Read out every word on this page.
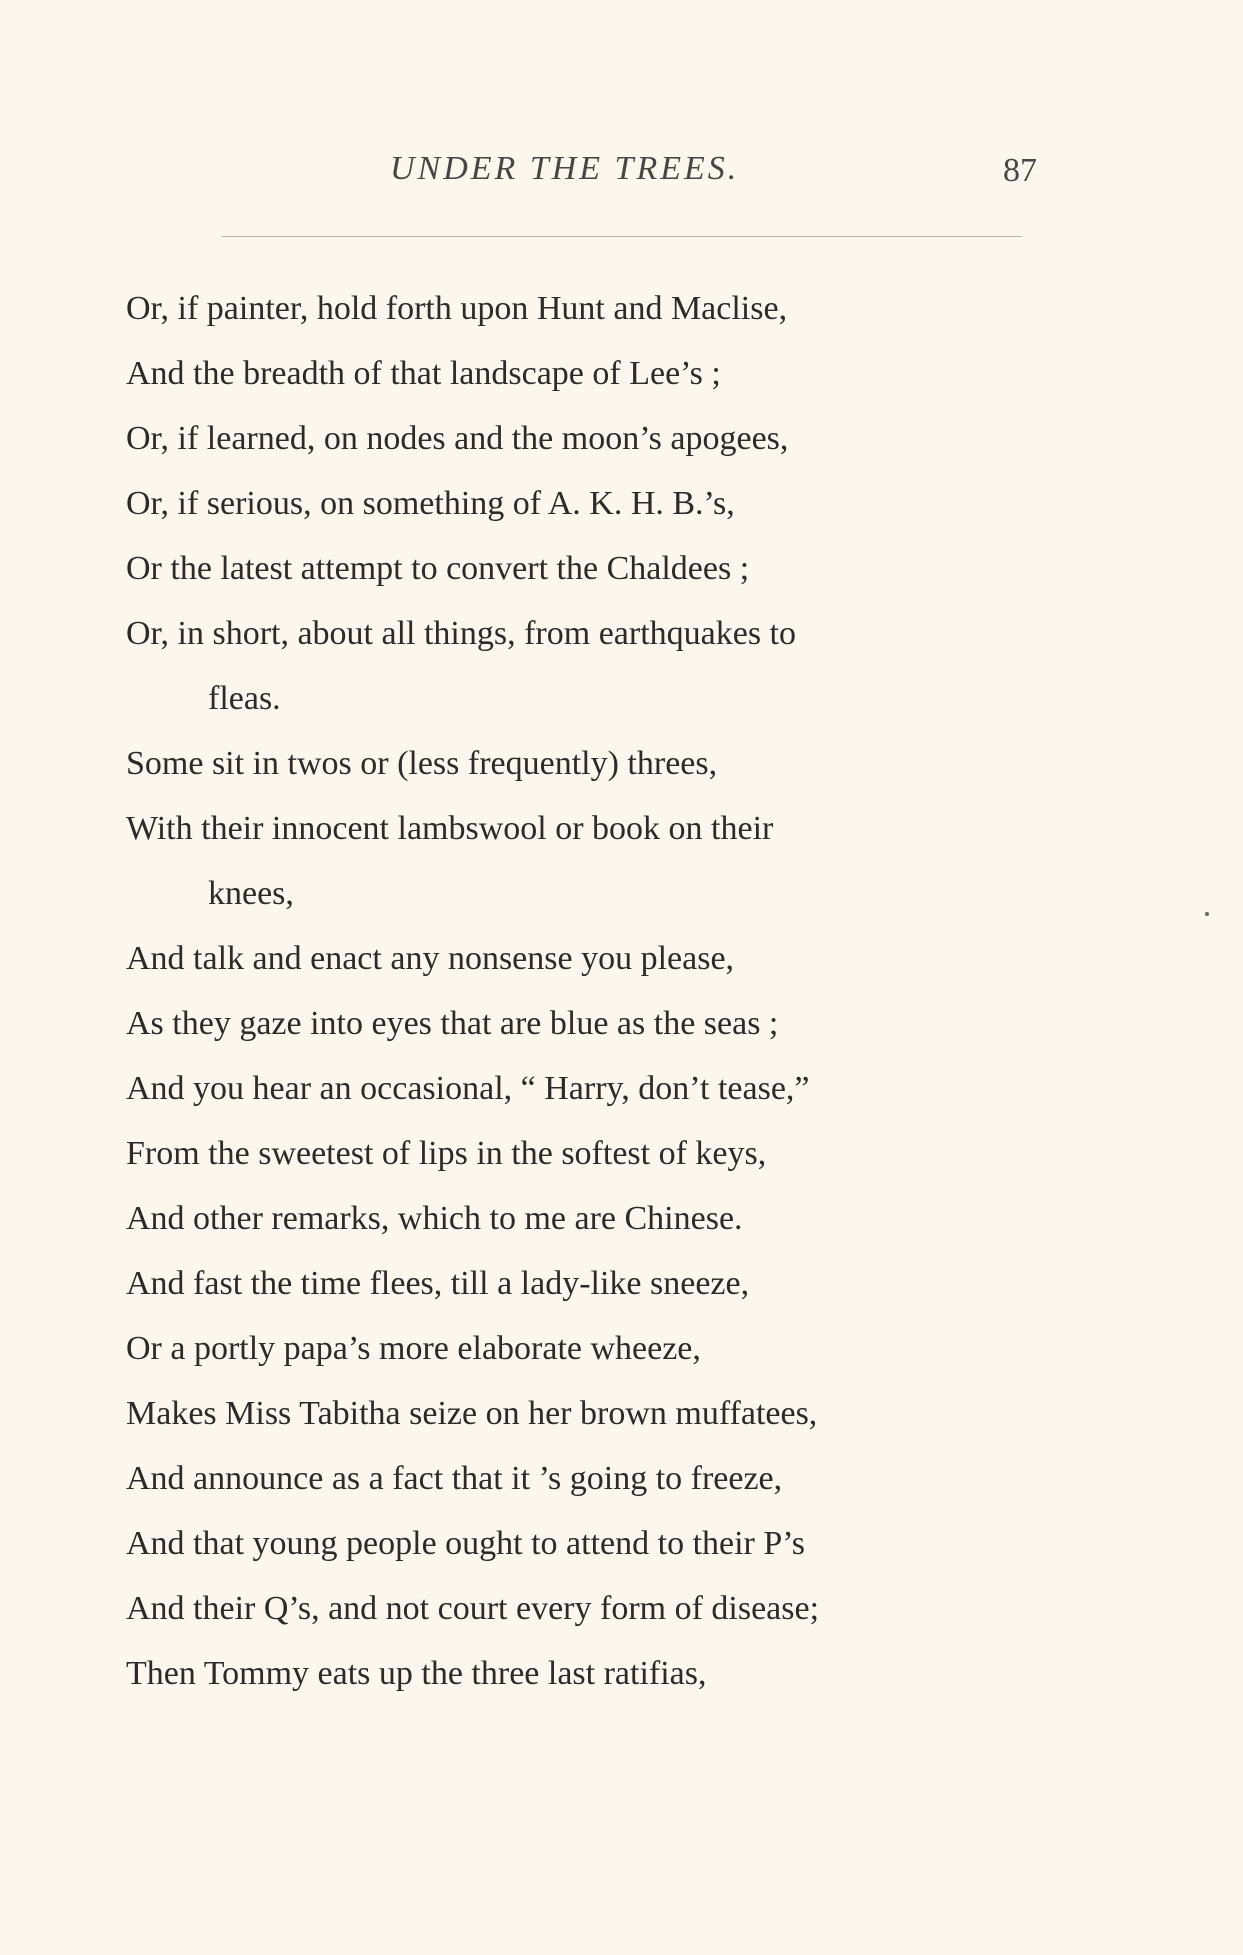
UNDER THE TREES.	87
Or, if painter, hold forth upon Hunt and Maclise,
And the breadth of that landscape of Lee’s ;
Or, if learned, on nodes and the moon’s apogees,
Or, if serious, on something of A. K. H. B.’s,
Or the latest attempt to convert the Chaldees ;
Or, in short, about all things, from earthquakes to
fleas.
Some sit in twos or (less frequently) threes,
With their innocent lambswool or book on their
knees,
And talk and enact any nonsense you please,
As they gaze into eyes that are blue as the seas ;
And you hear an occasional, “ Harry, don’t tease,”
From the sweetest of lips in the softest of keys,
And other remarks, which to me are Chinese.
And fast the time flees, till a lady-like sneeze,
Or a portly papa’s more elaborate wheeze,
Makes Miss Tabitha seize on her brown muffatees,
And announce as a fact that it ’s going to freeze,
And that young people ought to attend to their P’s
And their Q’s, and not court every form of disease;
Then Tommy eats up the three last ratifias,
